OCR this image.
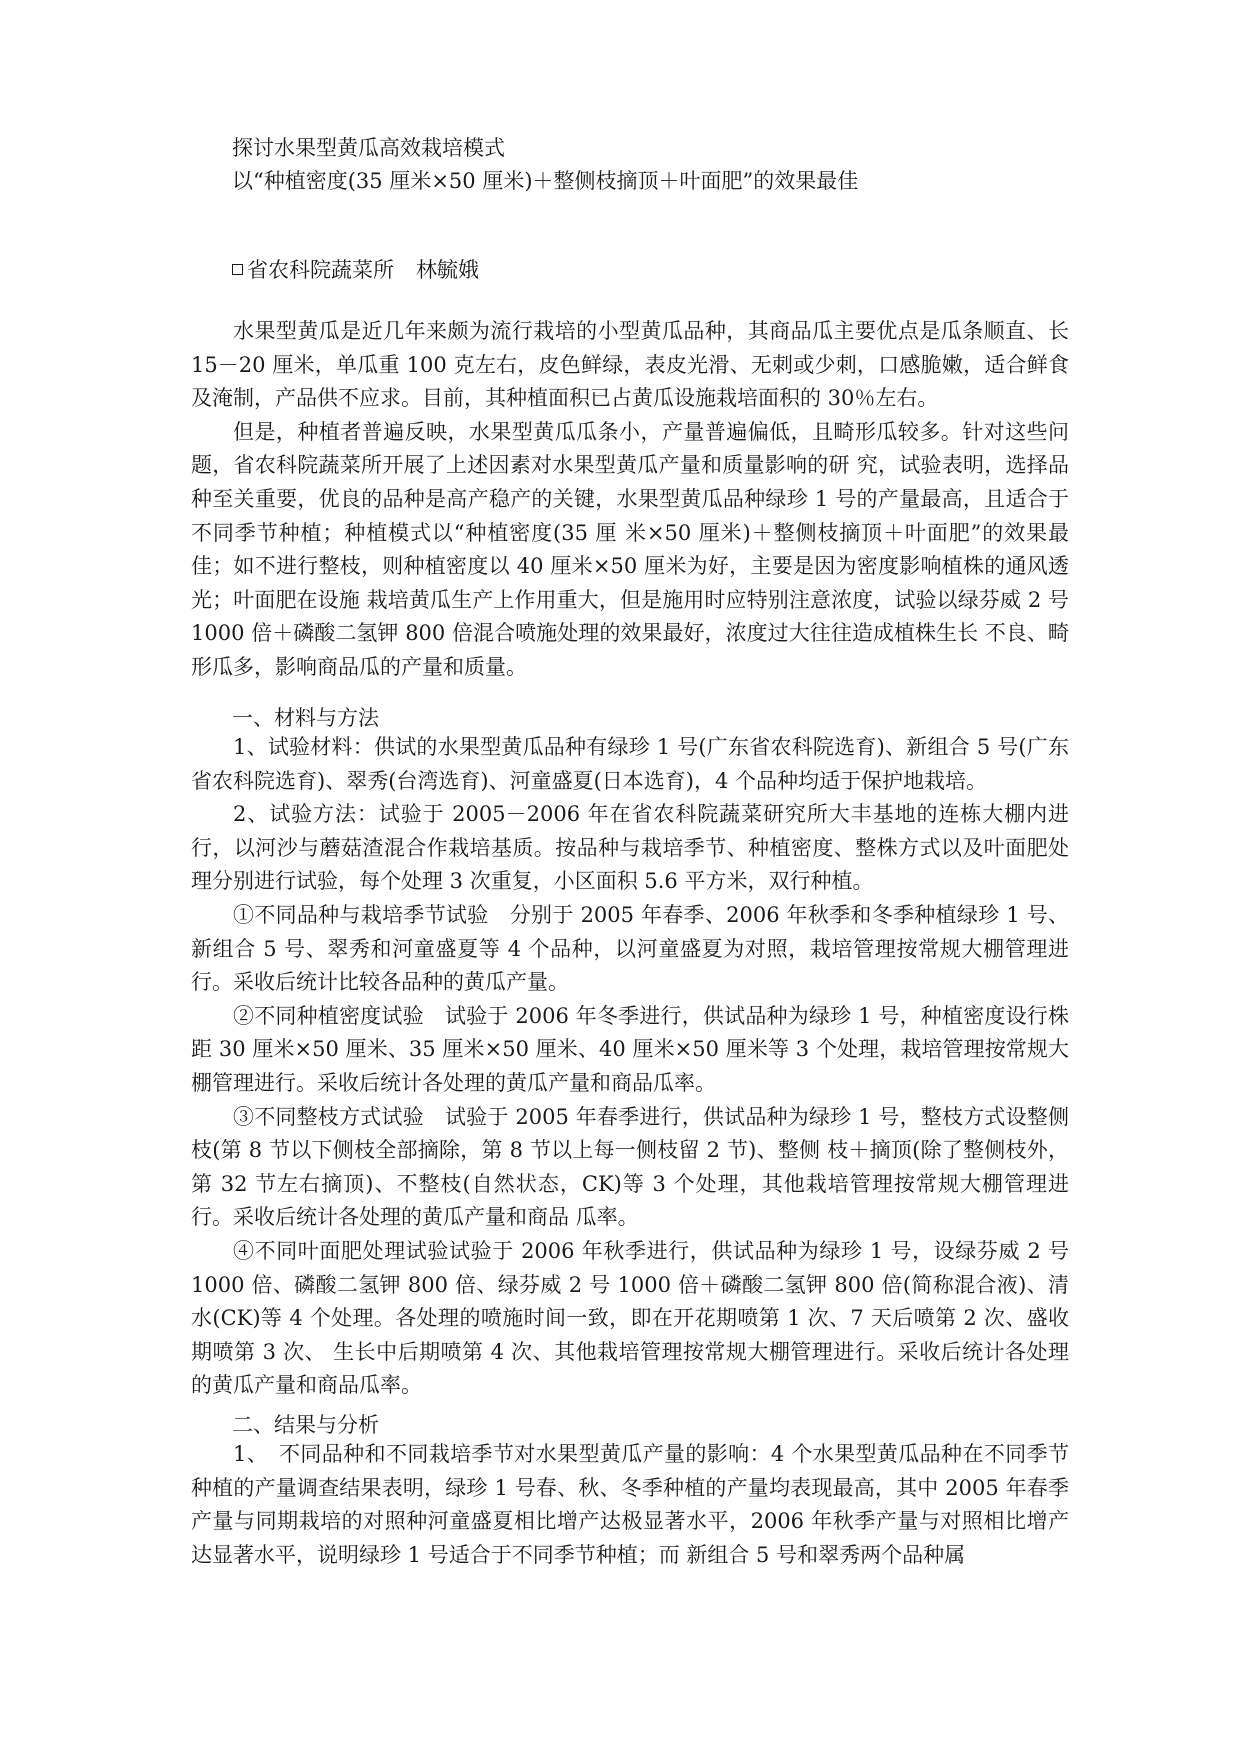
探讨水果型黄瓜高效栽培模式
以“种植密度(35 厘米×50 厘米)＋整侧枝摘顶＋叶面肥”的效果最佳
省农科院蔬菜所 林毓娥

水果型黄瓜是近几年来颇为流行栽培的小型黄瓜品种，其商品瓜主要优点是瓜条顺直、长 15－20 厘米，单瓜重 100 克左右，皮色鲜绿，表皮光滑、无刺或少刺，口感脆嫩，适合鲜食及淹制，产品供不应求。目前，其种植面积已占黄瓜设施栽培面积的 30％左右。

但是，种植者普遍反映，水果型黄瓜瓜条小，产量普遍偏低，且畸形瓜较多。针对这些问题，省农科院蔬菜所开展了上述因素对水果型黄瓜产量和质量影响的研 究，试验表明，选择品种至关重要，优良的品种是高产稳产的关键，水果型黄瓜品种绿珍 1 号的产量最高，且适合于不同季节种植；种植模式以“种植密度(35 厘 米×50 厘米)＋整侧枝摘顶＋叶面肥”的效果最佳；如不进行整枝，则种植密度以 40 厘米×50 厘米为好，主要是因为密度影响植株的通风透光；叶面肥在设施 栽培黄瓜生产上作用重大，但是施用时应特别注意浓度，试验以绿芬威 2 号 1000 倍＋磷酸二氢钾 800 倍混合喷施处理的效果最好，浓度过大往往造成植株生长 不良、畸形瓜多，影响商品瓜的产量和质量。

一、材料与方法

1、试验材料：供试的水果型黄瓜品种有绿珍 1 号(广东省农科院选育)、新组合 5 号(广东省农科院选育)、翠秀(台湾选育)、河童盛夏(日本选育)，4 个品种均适于保护地栽培。

2、试验方法：试验于 2005－2006 年在省农科院蔬菜研究所大丰基地的连栋大棚内进行，以河沙与蘑菇渣混合作栽培基质。按品种与栽培季节、种植密度、整株方式以及叶面肥处理分别进行试验，每个处理 3 次重复，小区面积 5.6 平方米，双行种植。

①不同品种与栽培季节试验　分别于 2005 年春季、2006 年秋季和冬季种植绿珍 1 号、新组合 5 号、翠秀和河童盛夏等 4 个品种，以河童盛夏为对照，栽培管理按常规大棚管理进行。采收后统计比较各品种的黄瓜产量。

②不同种植密度试验　试验于 2006 年冬季进行，供试品种为绿珍 1 号，种植密度设行株距 30 厘米×50 厘米、35 厘米×50 厘米、40 厘米×50 厘米等 3 个处理，栽培管理按常规大棚管理进行。采收后统计各处理的黄瓜产量和商品瓜率。

③不同整枝方式试验　试验于 2005 年春季进行，供试品种为绿珍 1 号，整枝方式设整侧枝(第 8 节以下侧枝全部摘除，第 8 节以上每一侧枝留 2 节)、整侧 枝＋摘顶(除了整侧枝外，第 32 节左右摘顶)、不整枝(自然状态，CK)等 3 个处理，其他栽培管理按常规大棚管理进行。采收后统计各处理的黄瓜产量和商品 瓜率。

④不同叶面肥处理试验试验于 2006 年秋季进行，供试品种为绿珍 1 号，设绿芬威 2 号 1000 倍、磷酸二氢钾 800 倍、绿芬威 2 号 1000 倍＋磷酸二氢钾 800 倍(简称混合液)、清水(CK)等 4 个处理。各处理的喷施时间一致，即在开花期喷第 1 次、7 天后喷第 2 次、盛收期喷第 3 次、 生长中后期喷第 4 次、其他栽培管理按常规大棚管理进行。采收后统计各处理的黄瓜产量和商品瓜率。

二、结果与分析

1、　不同品种和不同栽培季节对水果型黄瓜产量的影响：4 个水果型黄瓜品种在不同季节种植的产量调查结果表明，绿珍 1 号春、秋、冬季种植的产量均表现最高，其中 2005 年春季产量与同期栽培的对照种河童盛夏相比增产达极显著水平，2006 年秋季产量与对照相比增产达显著水平，说明绿珍 1 号适合于不同季节种植；而 新组合 5 号和翠秀两个品种属
